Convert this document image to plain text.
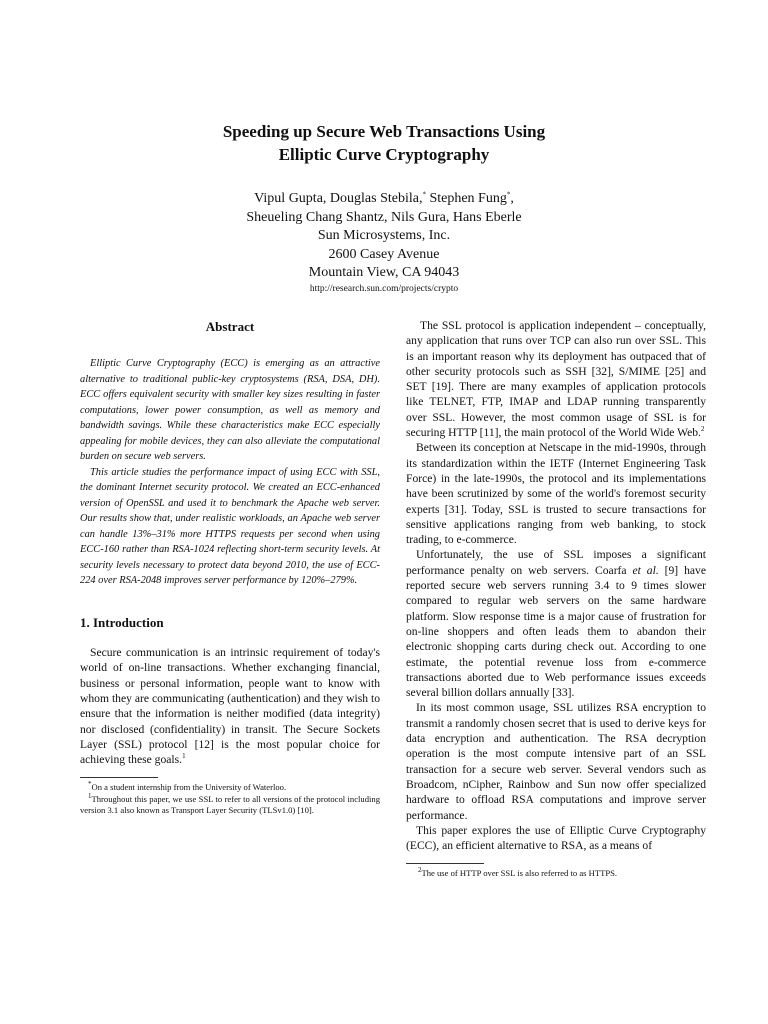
Speeding up Secure Web Transactions Using
Elliptic Curve Cryptography
Vipul Gupta, Douglas Stebila,* Stephen Fung*,
Sheueling Chang Shantz, Nils Gura, Hans Eberle
Sun Microsystems, Inc.
2600 Casey Avenue
Mountain View, CA 94043
http://research.sun.com/projects/crypto
Abstract

Elliptic Curve Cryptography (ECC) is emerging as an attractive alternative to traditional public-key cryptosystems (RSA, DSA, DH). ECC offers equivalent security with smaller key sizes resulting in faster computations, lower power consumption, as well as memory and bandwidth savings. While these characteristics make ECC especially appealing for mobile devices, they can also alleviate the computational burden on secure web servers.

This article studies the performance impact of using ECC with SSL, the dominant Internet security protocol. We created an ECC-enhanced version of OpenSSL and used it to benchmark the Apache web server. Our results show that, under realistic workloads, an Apache web server can handle 13%–31% more HTTPS requests per second when using ECC-160 rather than RSA-1024 reflecting short-term security levels. At security levels necessary to protect data beyond 2010, the use of ECC-224 over RSA-2048 improves server performance by 120%–279%.

1. Introduction

Secure communication is an intrinsic requirement of today's world of on-line transactions. Whether exchanging financial, business or personal information, people want to know with whom they are communicating (authentication) and they wish to ensure that the information is neither modified (data integrity) nor disclosed (confidentiality) in transit. The Secure Sockets Layer (SSL) protocol [12] is the most popular choice for achieving these goals.$^1$

*On a student internship from the University of Waterloo.

$^1$Throughout this paper, we use SSL to refer to all versions of the protocol including version 3.1 also known as Transport Layer Security (TLSv1.0) [10].

The SSL protocol is application independent – conceptually, any application that runs over TCP can also run over SSL. This is an important reason why its deployment has outpaced that of other security protocols such as SSH [32], S/MIME [25] and SET [19]. There are many examples of application protocols like TELNET, FTP, IMAP and LDAP running transparently over SSL. However, the most common usage of SSL is for securing HTTP [11], the main protocol of the World Wide Web.$^2$

Between its conception at Netscape in the mid-1990s, through its standardization within the IETF (Internet Engineering Task Force) in the late-1990s, the protocol and its implementations have been scrutinized by some of the world's foremost security experts [31]. Today, SSL is trusted to secure transactions for sensitive applications ranging from web banking, to stock trading, to e-commerce.

Unfortunately, the use of SSL imposes a significant performance penalty on web servers. Coarfa et al. [9] have reported secure web servers running 3.4 to 9 times slower compared to regular web servers on the same hardware platform. Slow response time is a major cause of frustration for on-line shoppers and often leads them to abandon their electronic shopping carts during check out. According to one estimate, the potential revenue loss from e-commerce transactions aborted due to Web performance issues exceeds several billion dollars annually [33].

In its most common usage, SSL utilizes RSA encryption to transmit a randomly chosen secret that is used to derive keys for data encryption and authentication. The RSA decryption operation is the most compute intensive part of an SSL transaction for a secure web server. Several vendors such as Broadcom, nCipher, Rainbow and Sun now offer specialized hardware to offload RSA computations and improve server performance.

This paper explores the use of Elliptic Curve Cryptography (ECC), an efficient alternative to RSA, as a means of

$^2$The use of HTTP over SSL is also referred to as HTTPS.
